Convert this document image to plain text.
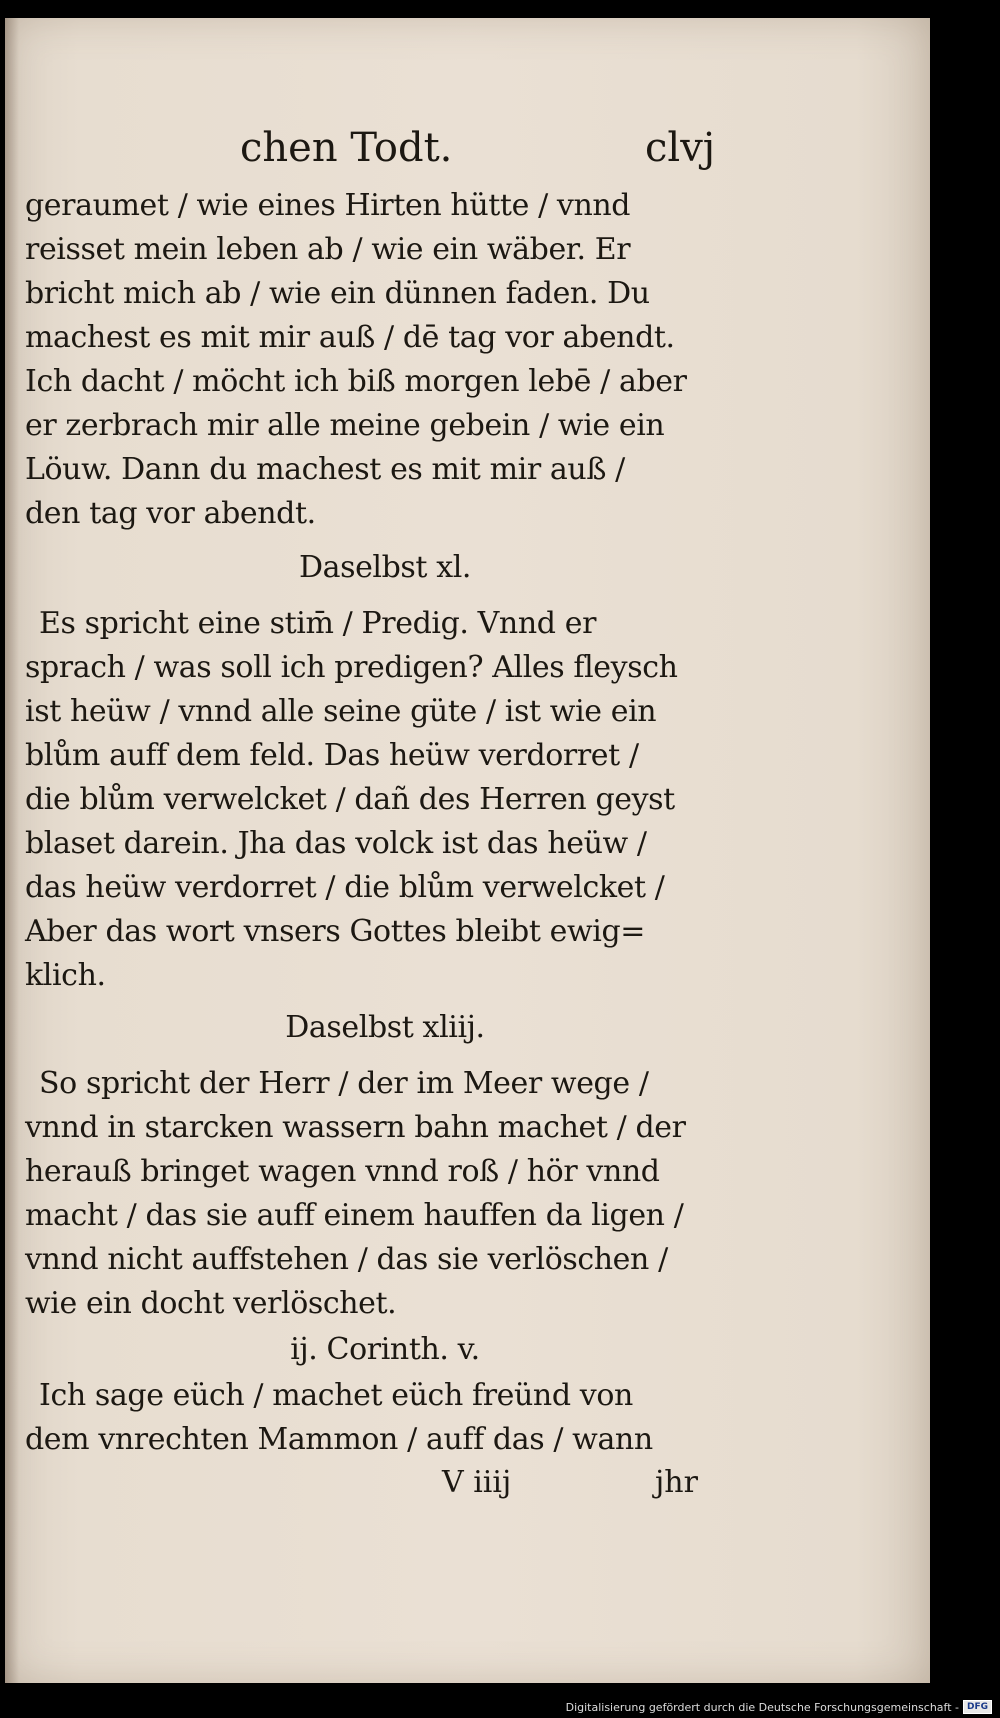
chen Todt.	clvj
geraumet / wie eines Hirten hütte / vnnd
reisset mein leben ab / wie ein wäber. Er
bricht mich ab / wie ein dünnen faden. Du
machest es mit mir auß / dē tag vor abendt.
Ich dacht / möcht ich biß morgen lebē / aber
er zerbrach mir alle meine gebein / wie ein
Löuw. Dann du machest es mit mir auß /
den tag vor abendt.
Daselbst xl.
Es spricht eine stim̄ / Predig. Vnnd er
sprach / was soll ich predigen? Alles fleysch
ist heüw / vnnd alle seine güte / ist wie ein
blům auff dem feld. Das heüw verdorret /
die blům verwelcket / dañ des Herren geyst
blaset darein. Jha das volck ist das heüw /
das heüw verdorret / die blům verwelcket /
Aber das wort vnsers Gottes bleibt ewig=
klich.
Daselbst xliij.
So spricht der Herr / der im Meer wege /
vnnd in starcken wassern bahn machet / der
herauß bringet wagen vnnd roß / hör vnnd
macht / das sie auff einem hauffen da ligen /
vnnd nicht auffstehen / das sie verlöschen /
wie ein docht verlöschet.
ij. Corinth. v.
Ich sage eüch / machet eüch freünd von
dem vnrechten Mammon / auff das / wann
V iiij	jhr
Digitalisierung gefördert durch die Deutsche Forschungsgemeinschaft - DFG
